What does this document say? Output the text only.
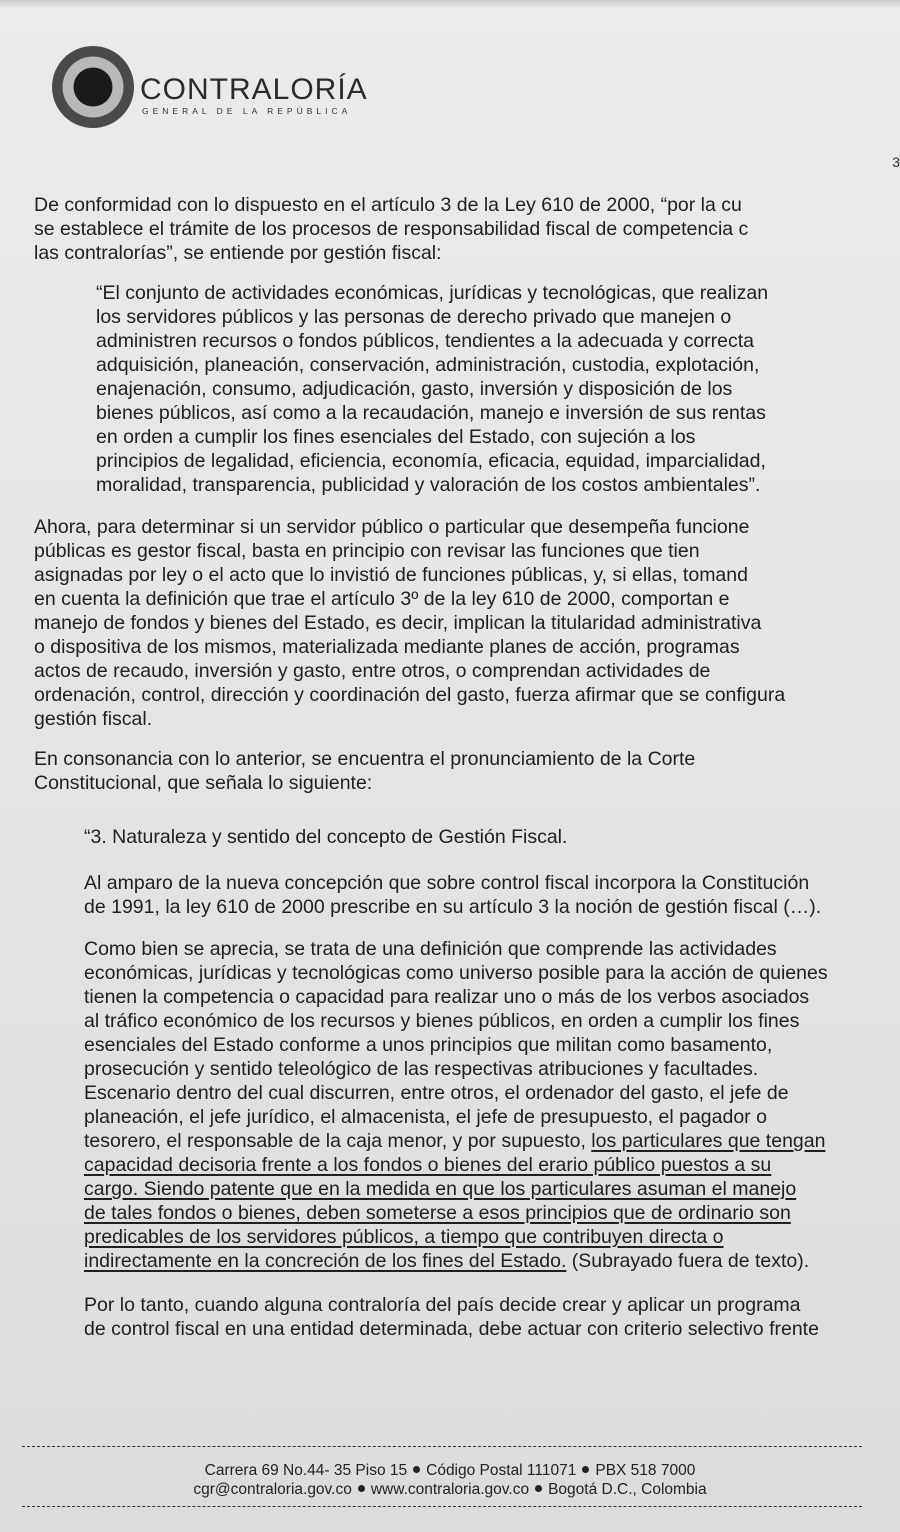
CONTRALORÍA
GENERAL DE LA REPÚBLICA
3
De conformidad con lo dispuesto en el artículo 3 de la Ley 610 de 2000, “por la cu
se establece el trámite de los procesos de responsabilidad fiscal de competencia c
las contralorías”, se entiende por gestión fiscal:
“El conjunto de actividades económicas, jurídicas y tecnológicas, que realizan
los servidores públicos y las personas de derecho privado que manejen o
administren recursos o fondos públicos, tendientes a la adecuada y correcta
adquisición, planeación, conservación, administración, custodia, explotación,
enajenación, consumo, adjudicación, gasto, inversión y disposición de los
bienes públicos, así como a la recaudación, manejo e inversión de sus rentas
en orden a cumplir los fines esenciales del Estado, con sujeción a los
principios de legalidad, eficiencia, economía, eficacia, equidad, imparcialidad,
moralidad, transparencia, publicidad y valoración de los costos ambientales”.
Ahora, para determinar si un servidor público o particular que desempeña funcione
públicas es gestor fiscal, basta en principio con revisar las funciones que tien
asignadas por ley o el acto que lo invistió de funciones públicas, y, si ellas, tomand
en cuenta la definición que trae el artículo 3º de la ley 610 de 2000, comportan e
manejo de fondos y bienes del Estado, es decir, implican la titularidad administrativa
o dispositiva de los mismos, materializada mediante planes de acción, programas
actos de recaudo, inversión y gasto, entre otros, o comprendan actividades de
ordenación, control, dirección y coordinación del gasto, fuerza afirmar que se configura
gestión fiscal.
En consonancia con lo anterior, se encuentra el pronunciamiento de la Corte
Constitucional, que señala lo siguiente:
“3. Naturaleza y sentido del concepto de Gestión Fiscal.
Al amparo de la nueva concepción que sobre control fiscal incorpora la Constitución
de 1991, la ley 610 de 2000 prescribe en su artículo 3 la noción de gestión fiscal (…).
Como bien se aprecia, se trata de una definición que comprende las actividades
económicas, jurídicas y tecnológicas como universo posible para la acción de quienes
tienen la competencia o capacidad para realizar uno o más de los verbos asociados
al tráfico económico de los recursos y bienes públicos, en orden a cumplir los fines
esenciales del Estado conforme a unos principios que militan como basamento,
prosecución y sentido teleológico de las respectivas atribuciones y facultades.
Escenario dentro del cual discurren, entre otros, el ordenador del gasto, el jefe de
planeación, el jefe jurídico, el almacenista, el jefe de presupuesto, el pagador o
tesorero, el responsable de la caja menor, y por supuesto, los particulares que tengan
capacidad decisoria frente a los fondos o bienes del erario público puestos a su
cargo. Siendo patente que en la medida en que los particulares asuman el manejo
de tales fondos o bienes, deben someterse a esos principios que de ordinario son
predicables de los servidores públicos, a tiempo que contribuyen directa o
indirectamente en la concreción de los fines del Estado. (Subrayado fuera de texto).
Por lo tanto, cuando alguna contraloría del país decide crear y aplicar un programa
de control fiscal en una entidad determinada, debe actuar con criterio selectivo frente
Carrera 69 No.44- 35 Piso 15 Código Postal 111071 PBX 518 7000
cgr@contraloria.gov.co www.contraloria.gov.co Bogotá D.C., Colombia
